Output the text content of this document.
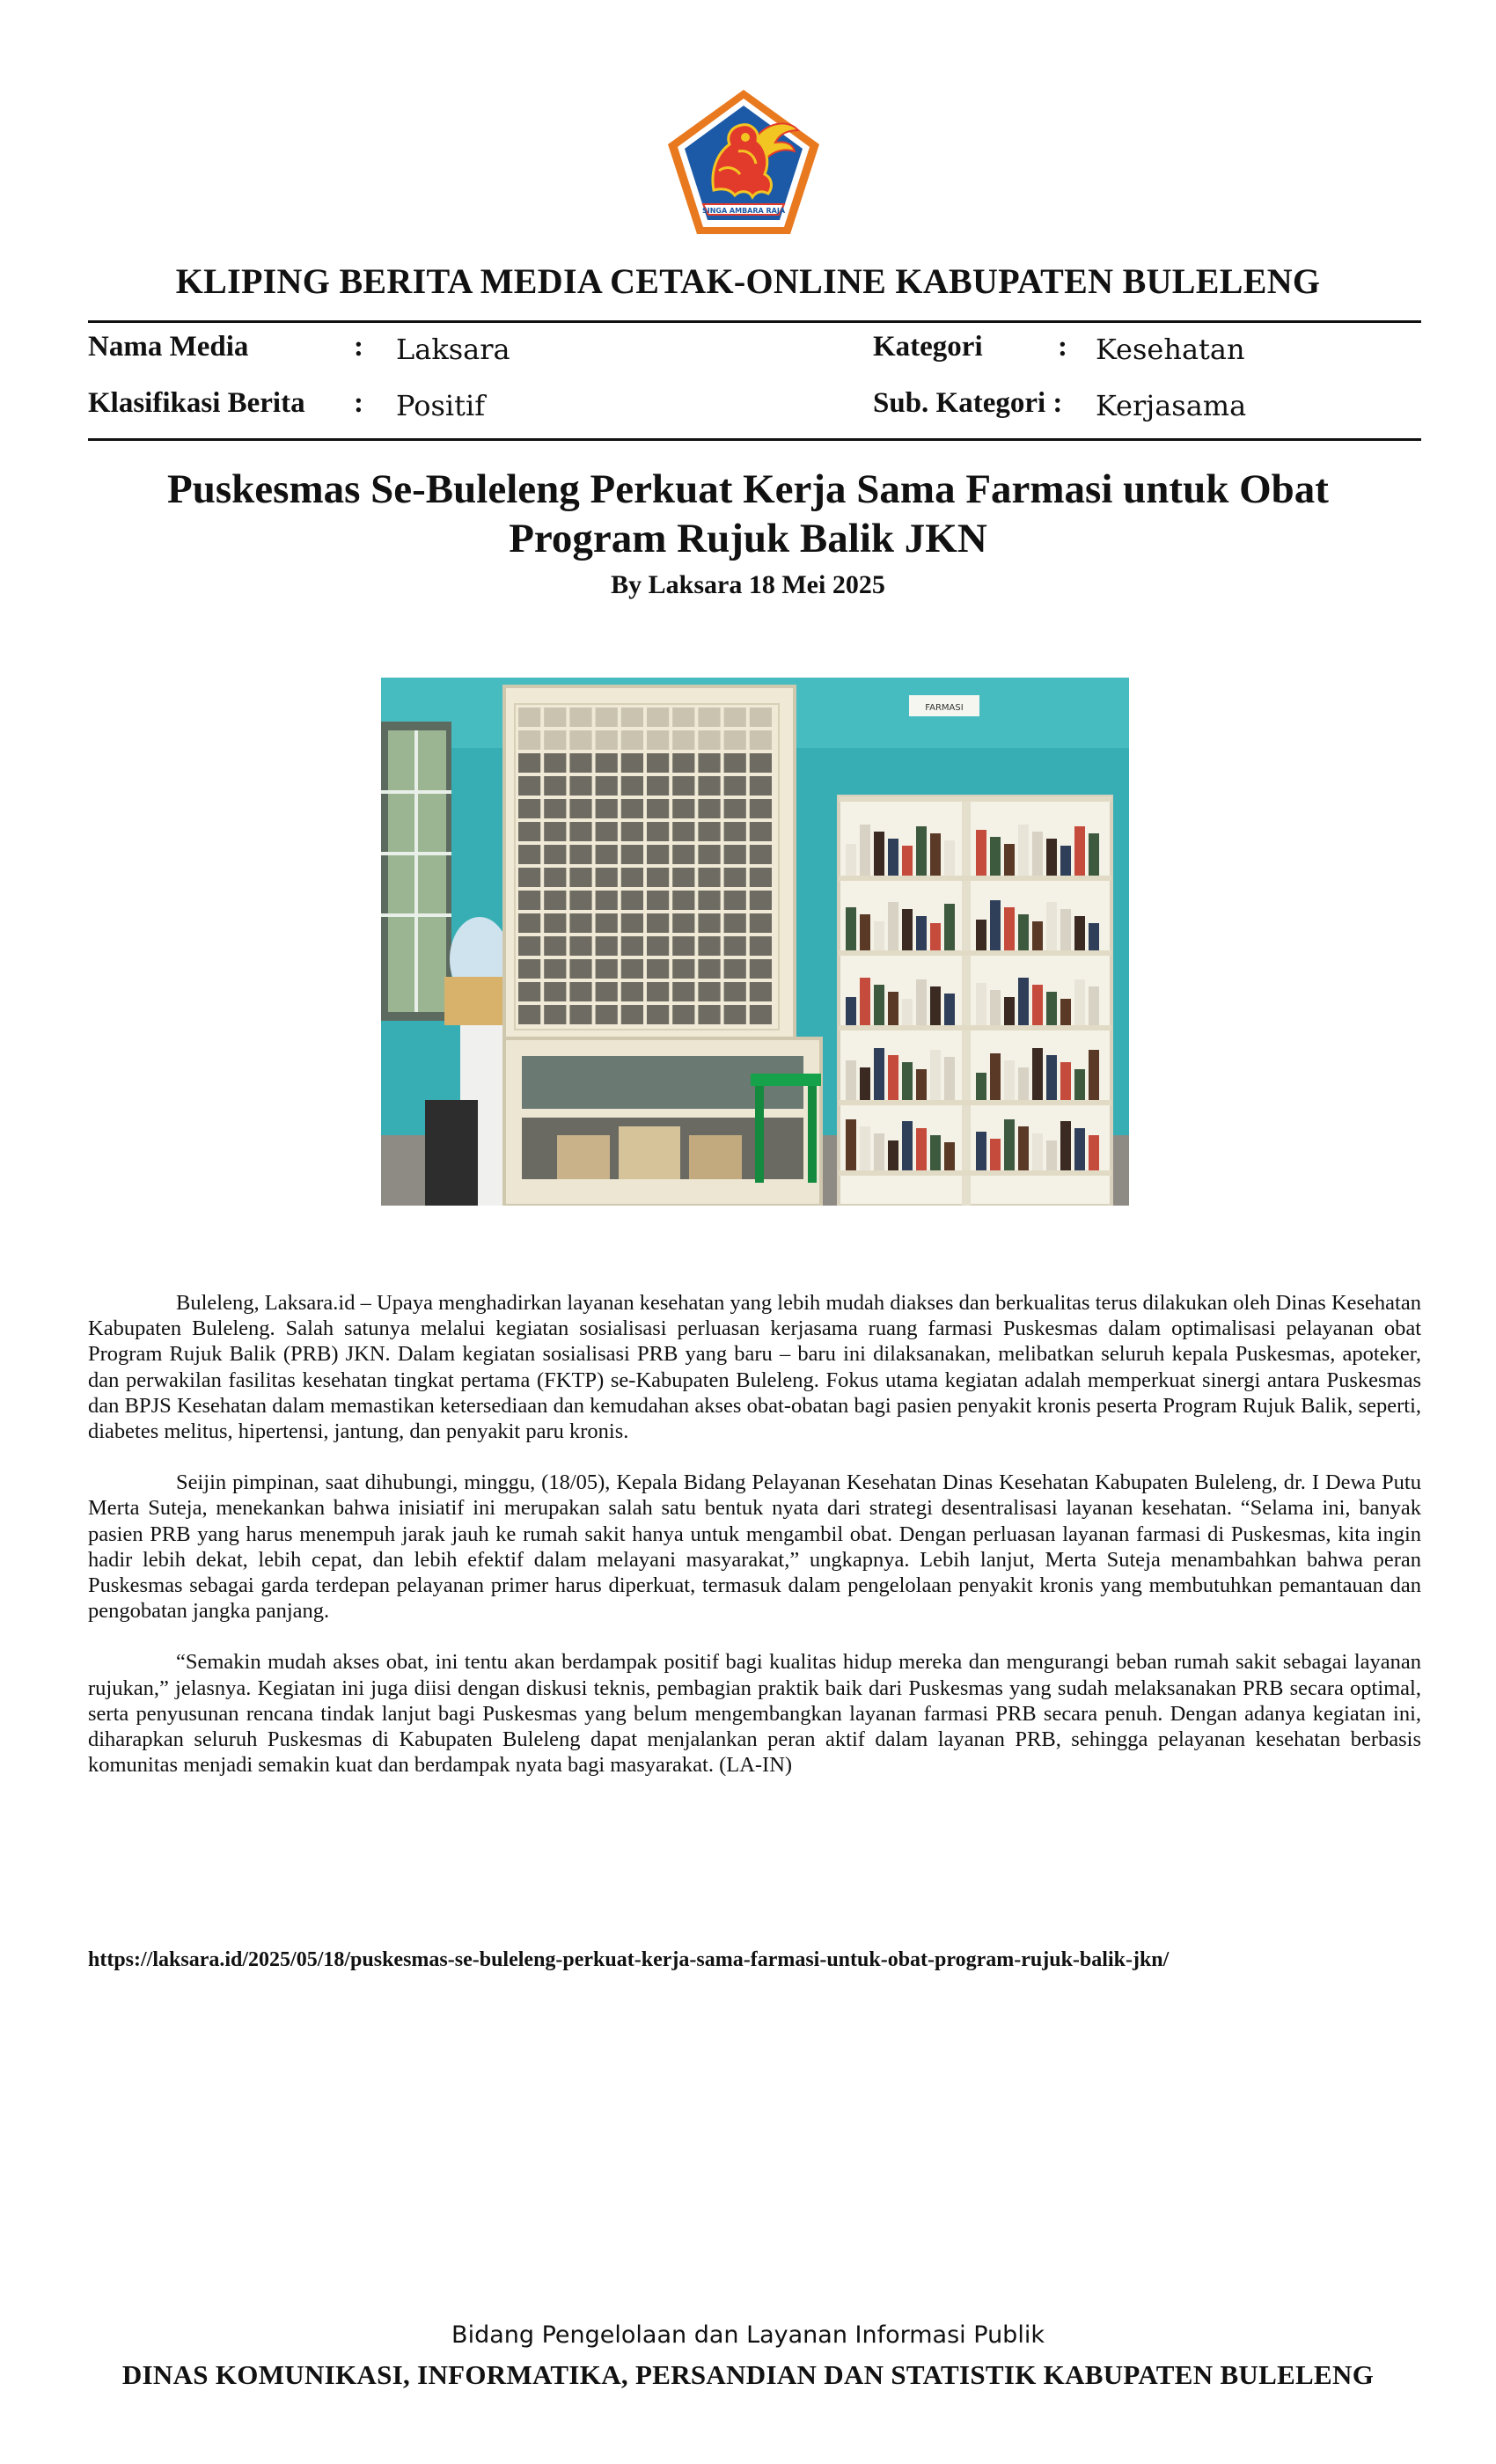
SINGA AMBARA RAJA
KLIPING BERITA MEDIA CETAK-ONLINE KABUPATEN BULELENG
Nama Media	: Laksara
Klasifikasi Berita : Positif
Kategori	: Kesehatan
Sub. Kategori : Kerjasama
Puskesmas Se-Buleleng Perkuat Kerja Sama Farmasi untuk Obat
Program Rujuk Balik JKN
By Laksara 18 Mei 2025
FARMASI

Buleleng, Laksara.id – Upaya menghadirkan layanan kesehatan yang lebih mudah diakses dan berkualitas terus dilakukan oleh Dinas Kesehatan Kabupaten Buleleng. Salah satunya melalui kegiatan sosialisasi perluasan kerjasama ruang farmasi Puskesmas dalam optimalisasi pelayanan obat Program Rujuk Balik (PRB) JKN. Dalam kegiatan sosialisasi PRB yang baru – baru ini dilaksanakan, melibatkan seluruh kepala Puskesmas, apoteker, dan perwakilan fasilitas kesehatan tingkat pertama (FKTP) se-Kabupaten Buleleng. Fokus utama kegiatan adalah memperkuat sinergi antara Puskesmas dan BPJS Kesehatan dalam memastikan ketersediaan dan kemudahan akses obat-obatan bagi pasien penyakit kronis peserta Program Rujuk Balik, seperti, diabetes melitus, hipertensi, jantung, dan penyakit paru kronis.

Seijin pimpinan, saat dihubungi, minggu, (18/05), Kepala Bidang Pelayanan Kesehatan Dinas Kesehatan Kabupaten Buleleng, dr. I Dewa Putu Merta Suteja, menekankan bahwa inisiatif ini merupakan salah satu bentuk nyata dari strategi desentralisasi layanan kesehatan. “Selama ini, banyak pasien PRB yang harus menempuh jarak jauh ke rumah sakit hanya untuk mengambil obat. Dengan perluasan layanan farmasi di Puskesmas, kita ingin hadir lebih dekat, lebih cepat, dan lebih efektif dalam melayani masyarakat,” ungkapnya. Lebih lanjut, Merta Suteja menambahkan bahwa peran Puskesmas sebagai garda terdepan pelayanan primer harus diperkuat, termasuk dalam pengelolaan penyakit kronis yang membutuhkan pemantauan dan pengobatan jangka panjang.

“Semakin mudah akses obat, ini tentu akan berdampak positif bagi kualitas hidup mereka dan mengurangi beban rumah sakit sebagai layanan rujukan,” jelasnya. Kegiatan ini juga diisi dengan diskusi teknis, pembagian praktik baik dari Puskesmas yang sudah melaksanakan PRB secara optimal, serta penyusunan rencana tindak lanjut bagi Puskesmas yang belum mengembangkan layanan farmasi PRB secara penuh. Dengan adanya kegiatan ini, diharapkan seluruh Puskesmas di Kabupaten Buleleng dapat menjalankan peran aktif dalam layanan PRB, sehingga pelayanan kesehatan berbasis komunitas menjadi semakin kuat dan berdampak nyata bagi masyarakat. (LA-IN)

https://laksara.id/2025/05/18/puskesmas-se-buleleng-perkuat-kerja-sama-farmasi-untuk-obat-program-rujuk-balik-jkn/
Bidang Pengelolaan dan Layanan Informasi Publik
DINAS KOMUNIKASI, INFORMATIKA, PERSANDIAN DAN STATISTIK KABUPATEN BULELENG
